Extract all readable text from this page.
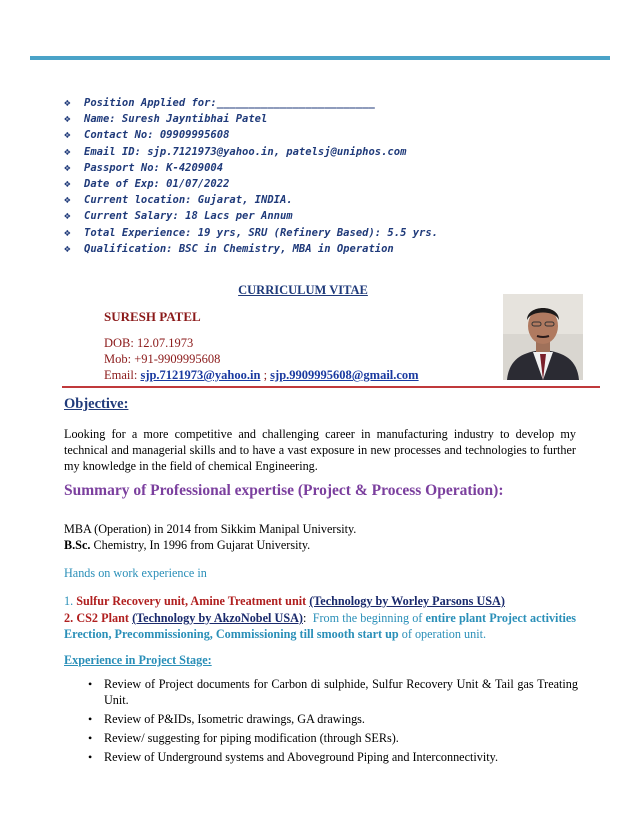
❖	Position Applied for:_________________________
❖	Name: Suresh Jayntibhai Patel
❖	Contact No: 09909995608
❖	Email ID: sjp.7121973@yahoo.in, patelsj@uniphos.com
❖	Passport No: K-4209004
❖	Date of Exp: 01/07/2022
❖	Current location: Gujarat, INDIA.
❖	Current Salary: 18 Lacs per Annum
❖	Total Experience: 19 yrs, SRU (Refinery Based): 5.5 yrs.
❖	Qualification: BSC in Chemistry, MBA in Operation
CURRICULUM VITAE
SURESH PATEL
DOB: 12.07.1973
Mob: +91-9909995608
Email: sjp.7121973@yahoo.in ; sjp.9909995608@gmail.com
Objective:
Looking for a more competitive and challenging career in manufacturing industry to develop my technical and managerial skills and to have a vast exposure in new processes and technologies to further my knowledge in the field of chemical Engineering.
Summary of Professional expertise (Project & Process Operation):
MBA (Operation) in 2014 from Sikkim Manipal University.
B.Sc. Chemistry, In 1996 from Gujarat University.
Hands on work experience in
1. Sulfur Recovery unit, Amine Treatment unit (Technology by Worley Parsons USA)
2. CS2 Plant (Technology by AkzoNobel USA): From the beginning of entire plant Project activities Erection, Precommissioning, Commissioning till smooth start up of operation unit.
Experience in Project Stage:
• Review of Project documents for Carbon di sulphide, Sulfur Recovery Unit & Tail gas Treating Unit.
• Review of P&IDs, Isometric drawings, GA drawings.
• Review/ suggesting for piping modification (through SERs).
• Review of Underground systems and Aboveground Piping and Interconnectivity.
